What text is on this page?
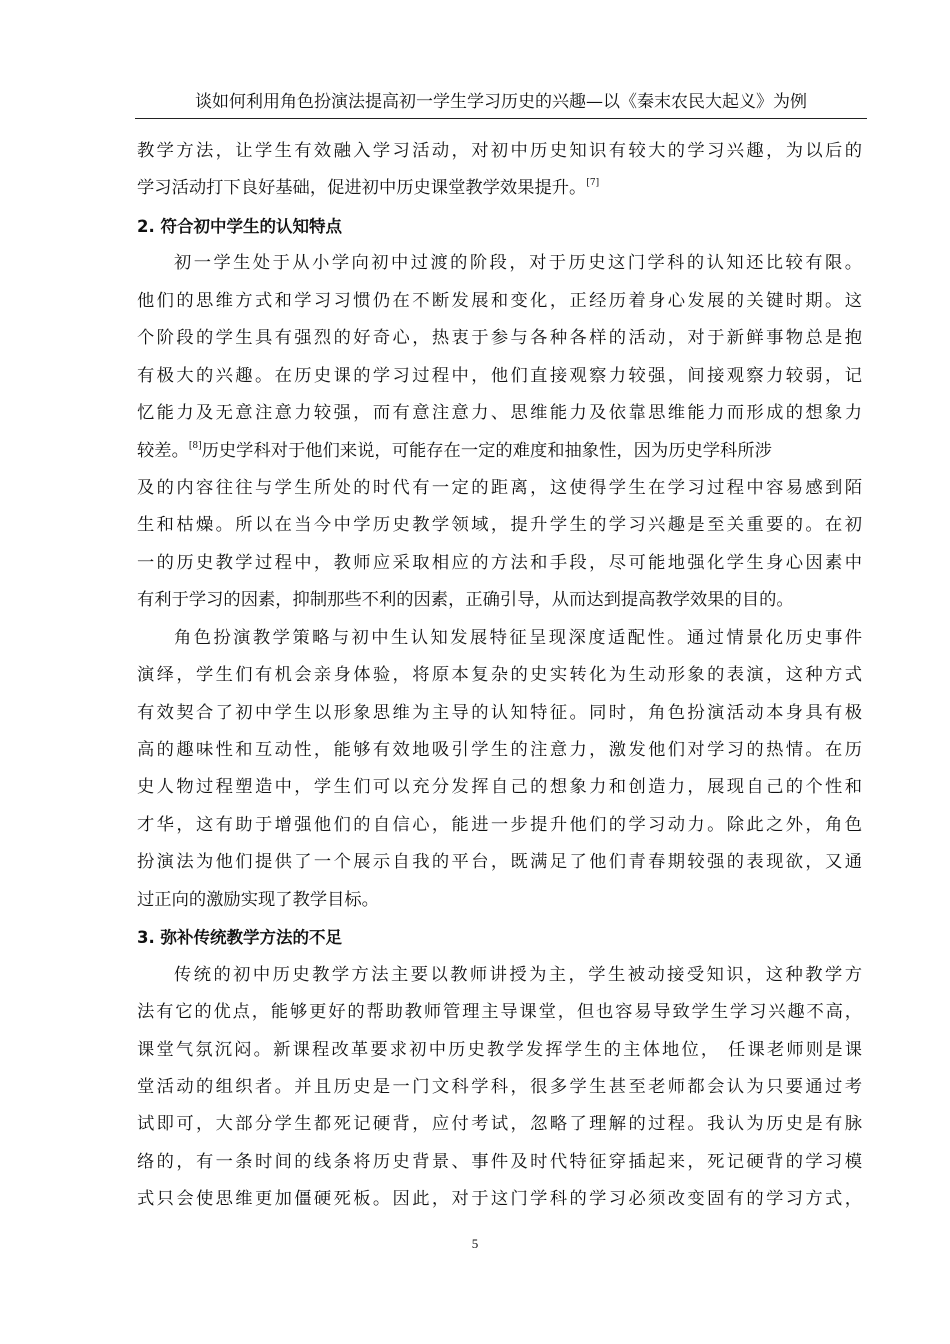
谈如何利用角色扮演法提高初一学生学习历史的兴趣—以《秦末农民大起义》为例
教学方法，让学生有效融入学习活动，对初中历史知识有较大的学习兴趣，为以后的
学习活动打下良好基础，促进初中历史课堂教学效果提升。[7]
2. 符合初中学生的认知特点
初一学生处于从小学向初中过渡的阶段，对于历史这门学科的认知还比较有限。
他们的思维方式和学习习惯仍在不断发展和变化，正经历着身心发展的关键时期。这
个阶段的学生具有强烈的好奇心，热衷于参与各种各样的活动，对于新鲜事物总是抱
有极大的兴趣。在历史课的学习过程中，他们直接观察力较强，间接观察力较弱，记
忆能力及无意注意力较强，而有意注意力、思维能力及依靠思维能力而形成的想象力
较差。[8]历史学科对于他们来说，可能存在一定的难度和抽象性，因为历史学科所涉
及的内容往往与学生所处的时代有一定的距离，这使得学生在学习过程中容易感到陌
生和枯燥。所以在当今中学历史教学领域，提升学生的学习兴趣是至关重要的。在初
一的历史教学过程中，教师应采取相应的方法和手段，尽可能地强化学生身心因素中
有利于学习的因素，抑制那些不利的因素，正确引导，从而达到提高教学效果的目的。
角色扮演教学策略与初中生认知发展特征呈现深度适配性。通过情景化历史事件
演绎，学生们有机会亲身体验，将原本复杂的史实转化为生动形象的表演，这种方式
有效契合了初中学生以形象思维为主导的认知特征。同时，角色扮演活动本身具有极
高的趣味性和互动性，能够有效地吸引学生的注意力，激发他们对学习的热情。在历
史人物过程塑造中，学生们可以充分发挥自己的想象力和创造力，展现自己的个性和
才华，这有助于增强他们的自信心，能进一步提升他们的学习动力。除此之外，角色
扮演法为他们提供了一个展示自我的平台，既满足了他们青春期较强的表现欲，又通
过正向的激励实现了教学目标。
3. 弥补传统教学方法的不足
传统的初中历史教学方法主要以教师讲授为主，学生被动接受知识，这种教学方
法有它的优点，能够更好的帮助教师管理主导课堂，但也容易导致学生学习兴趣不高，
课堂气氛沉闷。新课程改革要求初中历史教学发挥学生的主体地位， 任课老师则是课
堂活动的组织者。并且历史是一门文科学科，很多学生甚至老师都会认为只要通过考
试即可，大部分学生都死记硬背，应付考试，忽略了理解的过程。我认为历史是有脉
络的，有一条时间的线条将历史背景、事件及时代特征穿插起来，死记硬背的学习模
式只会使思维更加僵硬死板。因此，对于这门学科的学习必须改变固有的学习方式，
5
